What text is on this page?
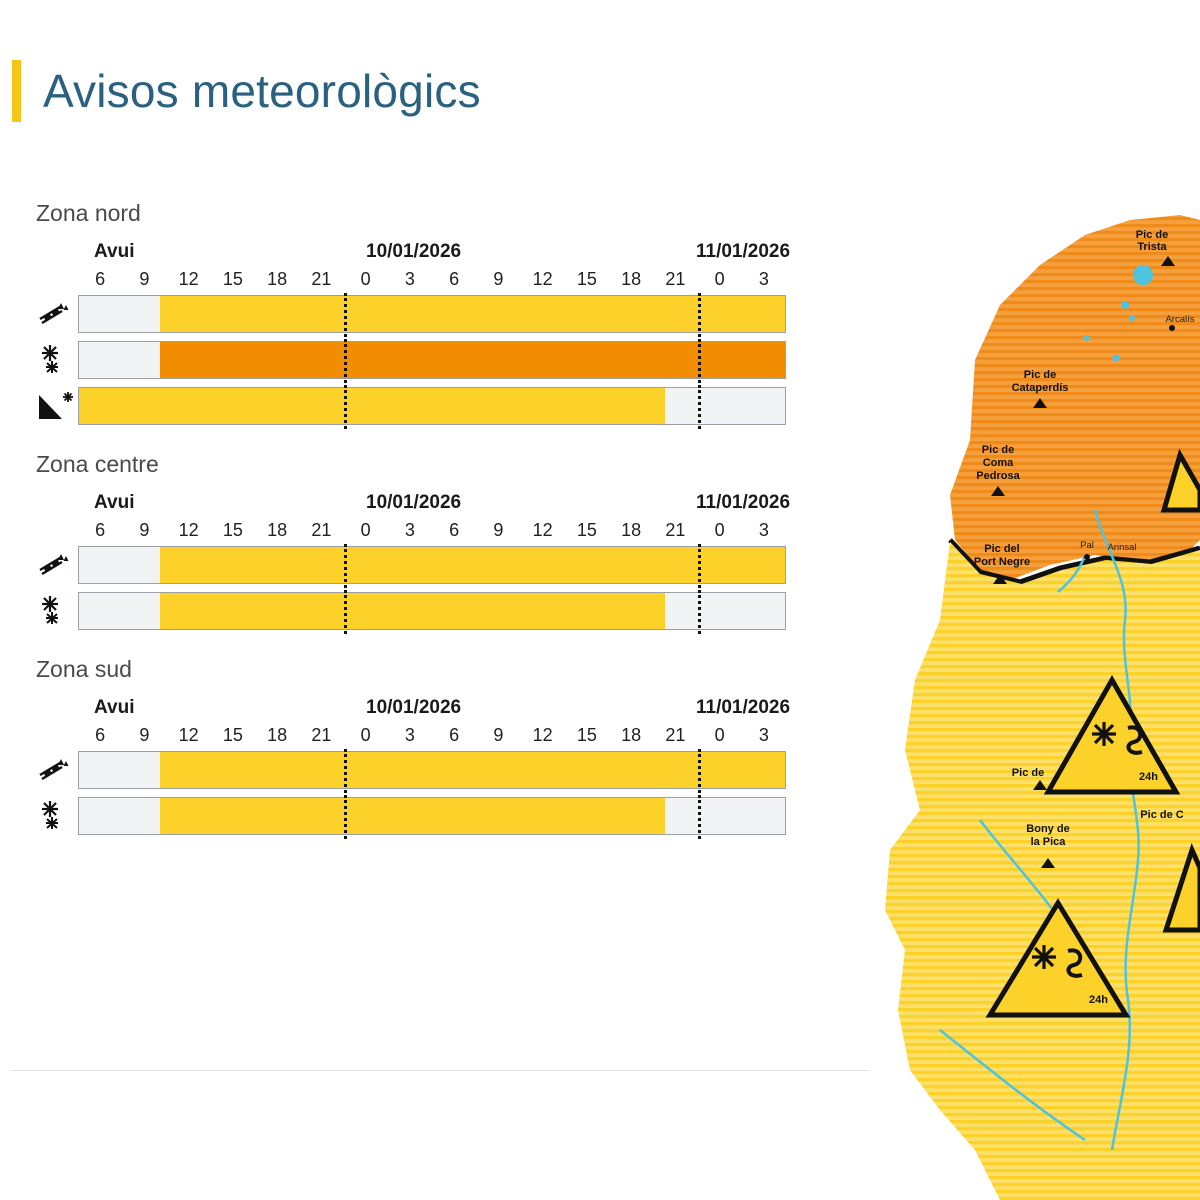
Avisos meteorològics
Zona nord
Avui	10/01/2026	11/01/2026
6	9	12 15 18 21	0	3	6	9	12 15 18 21	0	3
Zona centre
Avui	10/01/2026	11/01/2026
6	9	12 15 18 21	0	3	6	9	12 15 18 21	0	3
Zona sud
Avui	10/01/2026	11/01/2026
6	9	12 15 18 21	0	3	6	9	12 15 18 21	0	3
Pic de
Trista
Arcalís
Pic de
Cataperdís
Pic de
Coma
Pedrosa
Pic del
Port Negre
Arinsal
Pal
Pic de
Pic de C
Bony de
la Pica
24h
24h
